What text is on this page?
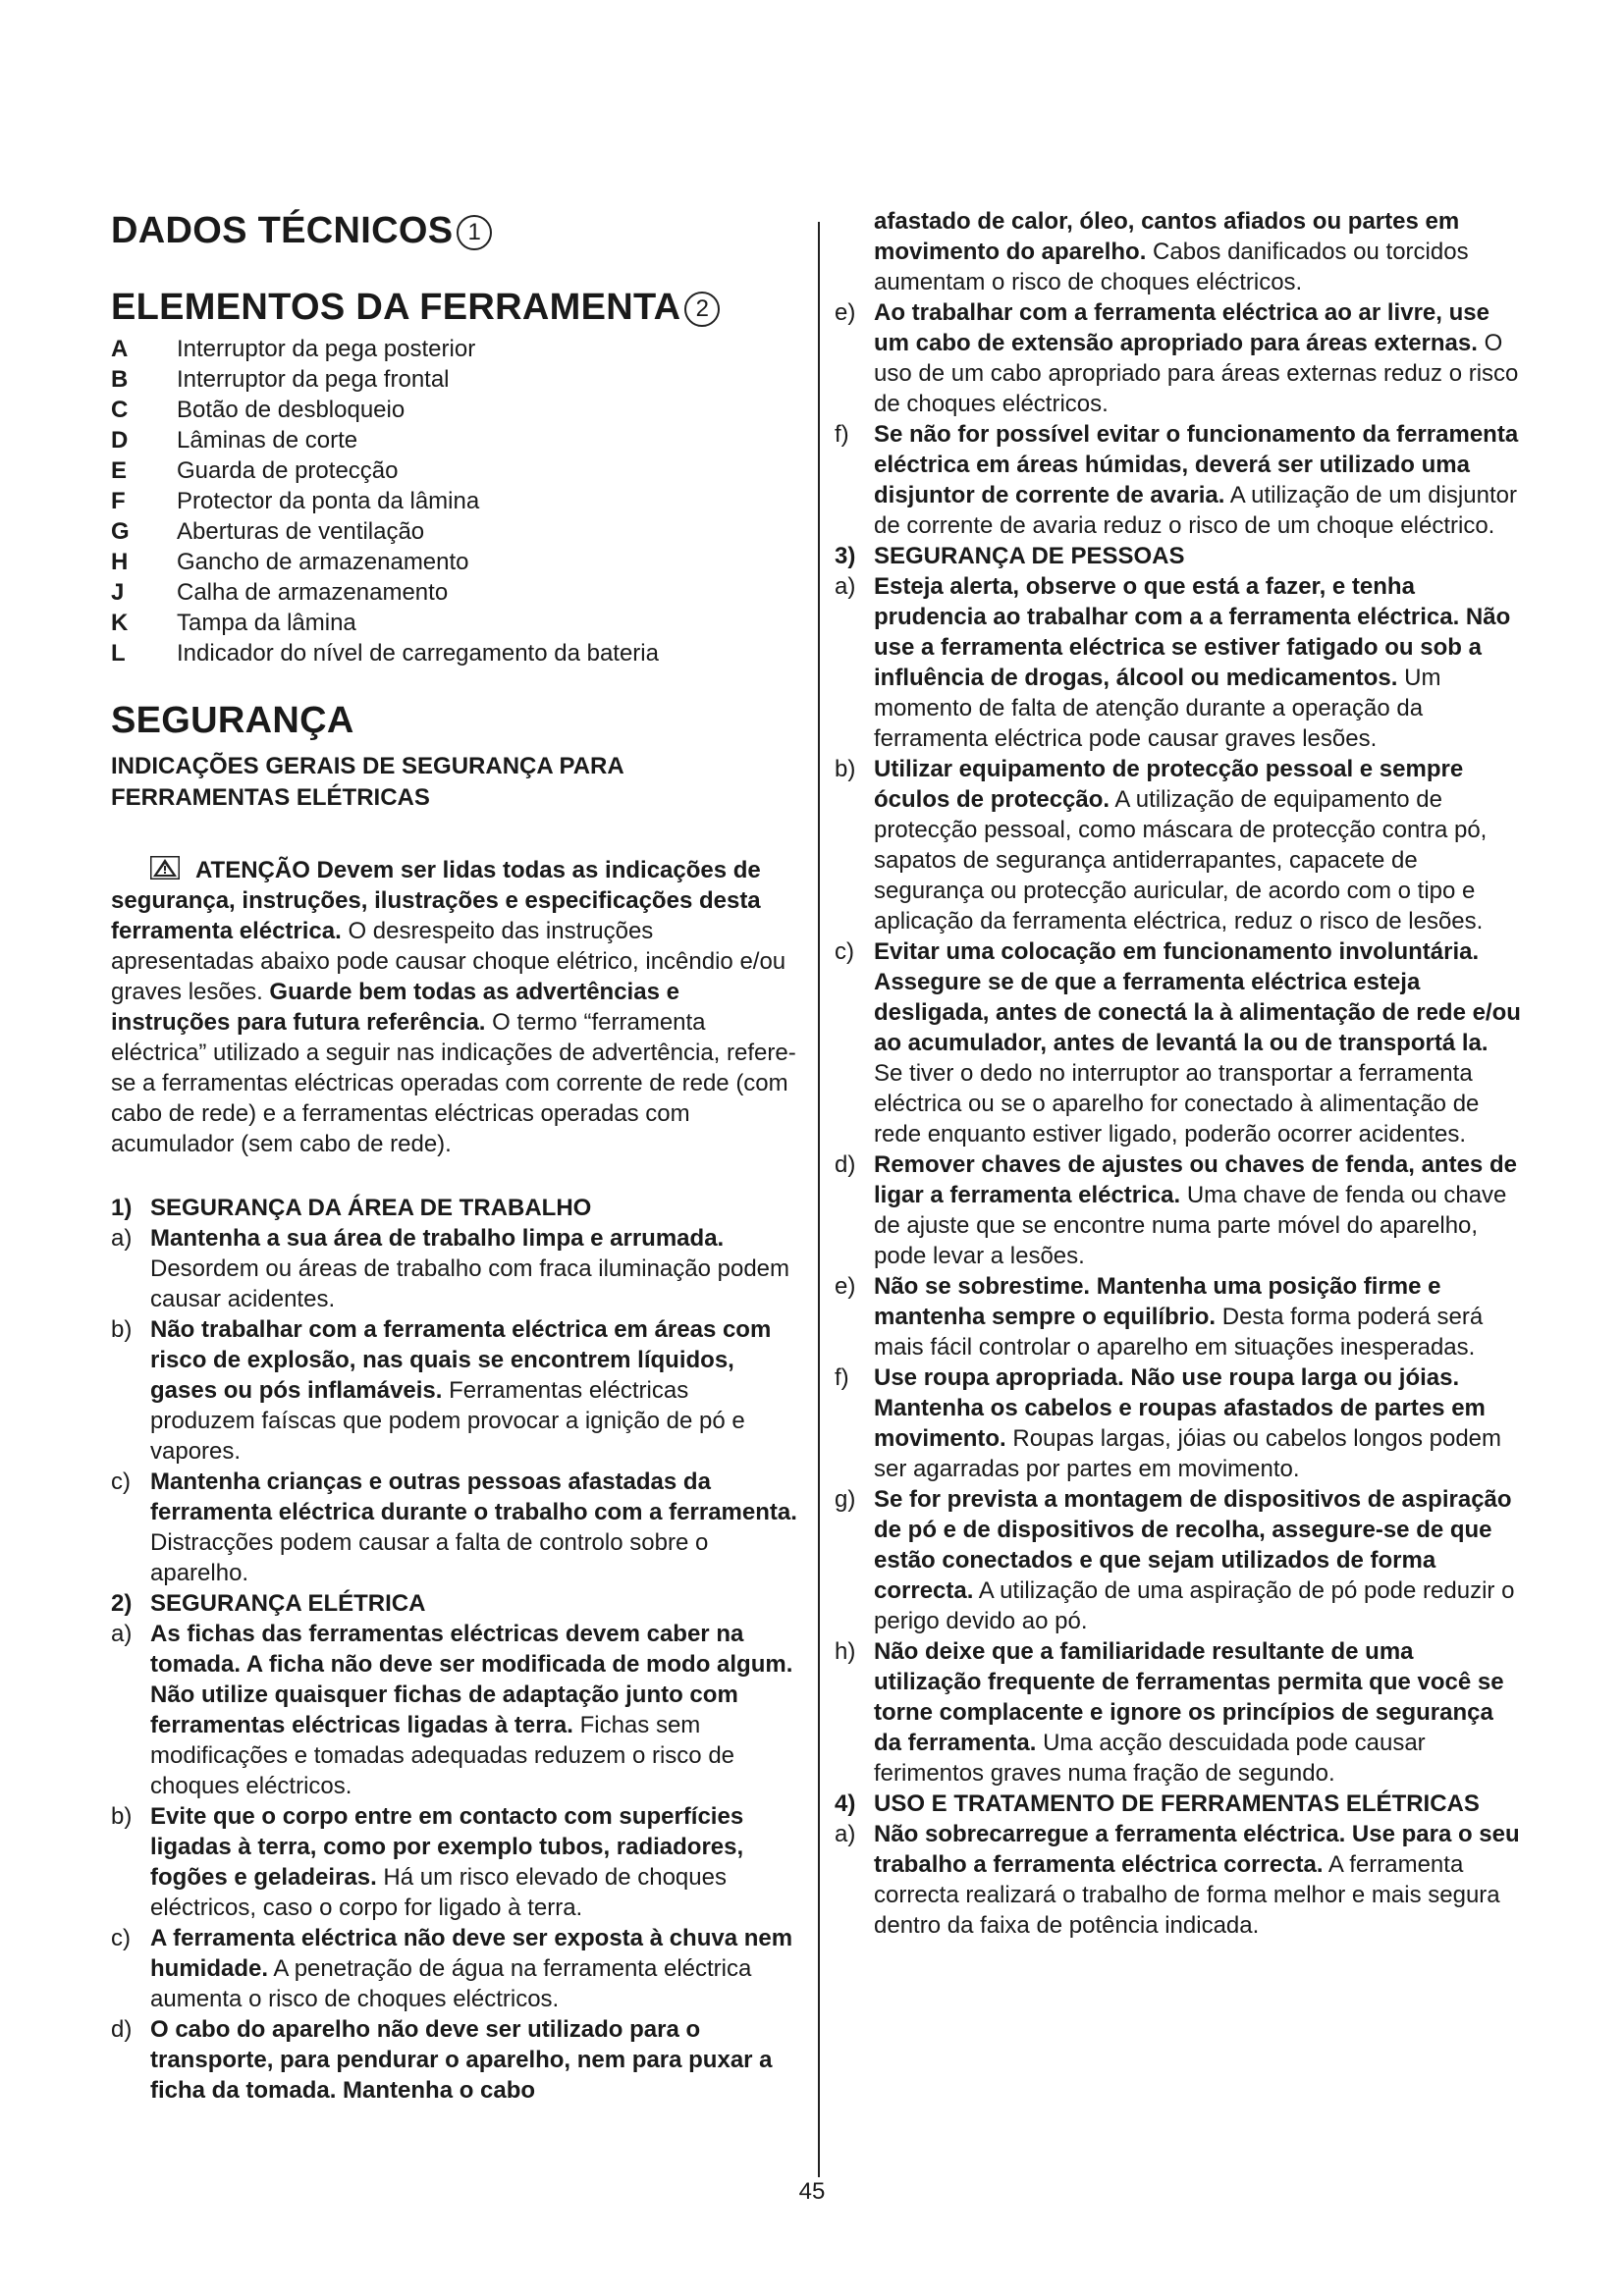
DADOS TÉCNICOS 1
ELEMENTOS DA FERRAMENTA 2
A	Interruptor da pega posterior
B	Interruptor da pega frontal
C	Botão de desbloqueio
D	Lâminas de corte
E	Guarda de protecção
F	Protector da ponta da lâmina
G	Aberturas de ventilação
H	Gancho de armazenamento
J	Calha de armazenamento
K	Tampa da lâmina
L	Indicador do nível de carregamento da bateria
SEGURANÇA
INDICAÇÕES GERAIS DE SEGURANÇA PARA FERRAMENTAS ELÉTRICAS

ATENÇÃO Devem ser lidas todas as indicações de segurança, instruções, ilustrações e especificações desta ferramenta eléctrica. O desrespeito das instruções apresentadas abaixo pode causar choque elétrico, incêndio e/ou graves lesões. Guarde bem todas as advertências e instruções para futura referência. O termo “ferramenta eléctrica” utilizado a seguir nas indicações de advertência, refere-se a ferramentas eléctricas operadas com corrente de rede (com cabo de rede) e a ferramentas eléctricas operadas com acumulador (sem cabo de rede).

1) SEGURANÇA DA ÁREA DE TRABALHO
a) Mantenha a sua área de trabalho limpa e arrumada. Desordem ou áreas de trabalho com fraca iluminação podem causar acidentes.
b) Não trabalhar com a ferramenta eléctrica em áreas com risco de explosão, nas quais se encontrem líquidos, gases ou pós inflamáveis. Ferramentas eléctricas produzem faíscas que podem provocar a ignição de pó e vapores.
c) Mantenha crianças e outras pessoas afastadas da ferramenta eléctrica durante o trabalho com a ferramenta. Distracções podem causar a falta de controlo sobre o aparelho.
2) SEGURANÇA ELÉTRICA
a) As fichas das ferramentas eléctricas devem caber na tomada. A ficha não deve ser modificada de modo algum. Não utilize quaisquer fichas de adaptação junto com ferramentas eléctricas ligadas à terra. Fichas sem modificações e tomadas adequadas reduzem o risco de choques eléctricos.
b) Evite que o corpo entre em contacto com superfícies ligadas à terra, como por exemplo tubos, radiadores, fogões e geladeiras. Há um risco elevado de choques eléctricos, caso o corpo for ligado à terra.
c) A ferramenta eléctrica não deve ser exposta à chuva nem humidade. A penetração de água na ferramenta eléctrica aumenta o risco de choques eléctricos.
d) O cabo do aparelho não deve ser utilizado para o transporte, para pendurar o aparelho, nem para puxar a ficha da tomada. Mantenha o cabo
afastado de calor, óleo, cantos afiados ou partes em movimento do aparelho. Cabos danificados ou torcidos aumentam o risco de choques eléctricos.
e) Ao trabalhar com a ferramenta eléctrica ao ar livre, use um cabo de extensão apropriado para áreas externas. O uso de um cabo apropriado para áreas externas reduz o risco de choques eléctricos.
f)	Se não for possível evitar o funcionamento da ferramenta eléctrica em áreas húmidas, deverá ser utilizado uma disjuntor de corrente de avaria. A utilização de um disjuntor de corrente de avaria reduz o risco de um choque eléctrico.
3) SEGURANÇA DE PESSOAS
a) Esteja alerta, observe o que está a fazer, e tenha prudencia ao trabalhar com a a ferramenta eléctrica. Não use a ferramenta eléctrica se estiver fatigado ou sob a influência de drogas, álcool ou medicamentos. Um momento de falta de atenção durante a operação da ferramenta eléctrica pode causar graves lesões.
b) Utilizar equipamento de protecção pessoal e sempre óculos de protecção. A utilização de equipamento de protecção pessoal, como máscara de protecção contra pó, sapatos de segurança antiderrapantes, capacete de segurança ou protecção auricular, de acordo com o tipo e aplicação da ferramenta eléctrica, reduz o risco de lesões.
c) Evitar uma colocação em funcionamento involuntária. Assegure se de que a ferramenta eléctrica esteja desligada, antes de conectá la à alimentação de rede e/ou ao acumulador, antes de levantá la ou de transportá la. Se tiver o dedo no interruptor ao transportar a ferramenta eléctrica ou se o aparelho for conectado à alimentação de rede enquanto estiver ligado, poderão ocorrer acidentes.
d) Remover chaves de ajustes ou chaves de fenda, antes de ligar a ferramenta eléctrica. Uma chave de fenda ou chave de ajuste que se encontre numa parte móvel do aparelho, pode levar a lesões.
e) Não se sobrestime. Mantenha uma posição firme e mantenha sempre o equilíbrio. Desta forma poderá será mais fácil controlar o aparelho em situações inesperadas.
f)	Use roupa apropriada. Não use roupa larga ou jóias. Mantenha os cabelos e roupas afastados de partes em movimento. Roupas largas, jóias ou cabelos longos podem ser agarradas por partes em movimento.
g) Se for prevista a montagem de dispositivos de aspiração de pó e de dispositivos de recolha, assegure-se de que estão conectados e que sejam utilizados de forma correcta. A utilização de uma aspiração de pó pode reduzir o perigo devido ao pó.
h) Não deixe que a familiaridade resultante de uma utilização frequente de ferramentas permita que você se torne complacente e ignore os princípios de segurança da ferramenta. Uma acção descuidada pode causar ferimentos graves numa fração de segundo.
4) USO E TRATAMENTO DE FERRAMENTAS ELÉTRICAS
a) Não sobrecarregue a ferramenta eléctrica. Use para o seu trabalho a ferramenta eléctrica correcta. A ferramenta correcta realizará o trabalho de forma melhor e mais segura dentro da faixa de potência indicada.
45
